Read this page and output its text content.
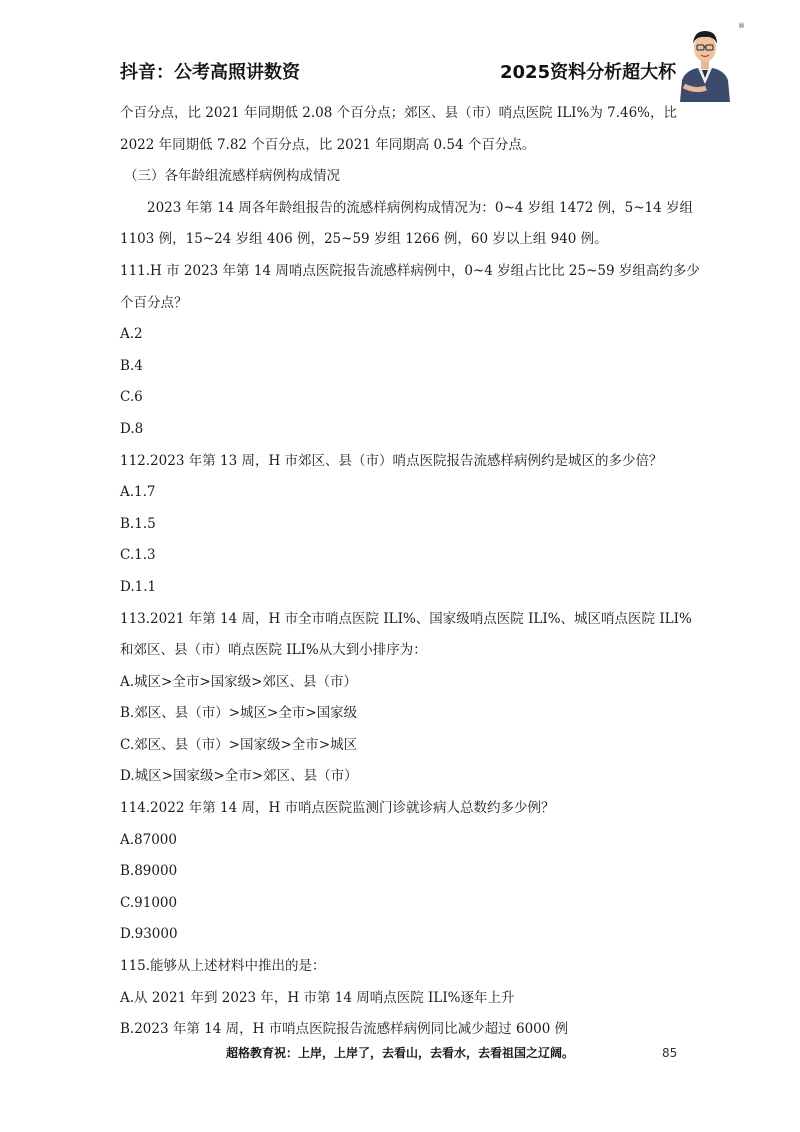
抖音：公考高照讲数资	2025资料分析超大杯
®
个百分点，比 2021 年同期低 2.08 个百分点；郊区、县（市）哨点医院 ILI%为 7.46%，比
2022 年同期低 7.82 个百分点，比 2021 年同期高 0.54 个百分点。
（三）各年龄组流感样病例构成情况
2023 年第 14 周各年龄组报告的流感样病例构成情况为：0~4 岁组 1472 例，5~14 岁组
1103 例，15~24 岁组 406 例，25~59 岁组 1266 例，60 岁以上组 940 例。
111.H 市 2023 年第 14 周哨点医院报告流感样病例中，0~4 岁组占比比 25~59 岁组高约多少
个百分点？
A.2
B.4
C.6
D.8
112.2023 年第 13 周，H 市郊区、县（市）哨点医院报告流感样病例约是城区的多少倍？
A.1.7
B.1.5
C.1.3
D.1.1
113.2021 年第 14 周，H 市全市哨点医院 ILI%、国家级哨点医院 ILI%、城区哨点医院 ILI%
和郊区、县（市）哨点医院 ILI%从大到小排序为：
A.城区>全市>国家级>郊区、县（市）
B.郊区、县（市）>城区>全市>国家级
C.郊区、县（市）>国家级>全市>城区
D.城区>国家级>全市>郊区、县（市）
114.2022 年第 14 周，H 市哨点医院监测门诊就诊病人总数约多少例？
A.87000
B.89000
C.91000
D.93000
115.能够从上述材料中推出的是：
A.从 2021 年到 2023 年，H 市第 14 周哨点医院 ILI%逐年上升
B.2023 年第 14 周，H 市哨点医院报告流感样病例同比减少超过 6000 例
超格教育祝：上岸，上岸了，去看山，去看水，去看祖国之辽阔。	85
